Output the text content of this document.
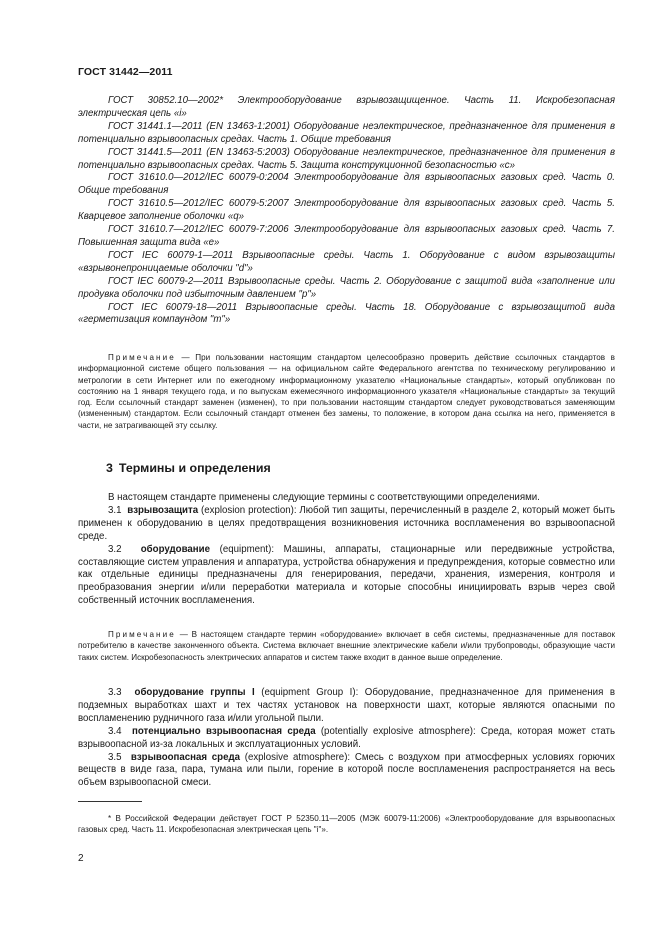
ГОСТ 31442—2011

ГОСТ 30852.10—2002* Электрооборудование взрывозащищенное. Часть 11. Искробезопасная электрическая цепь «i»

ГОСТ 31441.1—2011 (EN 13463-1:2001) Оборудование неэлектрическое, предназначенное для применения в потенциально взрывоопасных средах. Часть 1. Общие требования

ГОСТ 31441.5—2011 (EN 13463-5:2003) Оборудование неэлектрическое, предназначенное для применения в потенциально взрывоопасных средах. Часть 5. Защита конструкционной безопасностью «с»

ГОСТ 31610.0—2012/IEC 60079-0:2004 Электрооборудование для взрывоопасных газовых сред. Часть 0. Общие требования

ГОСТ 31610.5—2012/IEC 60079-5:2007 Электрооборудование для взрывоопасных газовых сред. Часть 5. Кварцевое заполнение оболочки «q»

ГОСТ 31610.7—2012/IEC 60079-7:2006 Электрооборудование для взрывоопасных газовых сред. Часть 7. Повышенная защита вида «е»

ГОСТ IEC 60079-1—2011 Взрывоопасные среды. Часть 1. Оборудование с видом взрывозащиты «взрывонепроницаемые оболочки "d"»

ГОСТ IEC 60079-2—2011 Взрывоопасные среды. Часть 2. Оборудование с защитой вида «заполнение или продувка оболочки под избыточным давлением "р"»

ГОСТ IEC 60079-18—2011 Взрывоопасные среды. Часть 18. Оборудование с взрывозащитой вида «герметизация компаундом "m"»

Примечание — При пользовании настоящим стандартом целесообразно проверить действие ссылочных стандартов в информационной системе общего пользования — на официальном сайте Федерального агентства по техническому регулированию и метрологии в сети Интернет или по ежегодному информационному указателю «Национальные стандарты», который опубликован по состоянию на 1 января текущего года, и по выпускам ежемесячного информационного указателя «Национальные стандарты» за текущий год. Если ссылочный стандарт заменен (изменен), то при пользовании настоящим стандартом следует руководствоваться заменяющим (измененным) стандартом. Если ссылочный стандарт отменен без замены, то положение, в котором дана ссылка на него, применяется в части, не затрагивающей эту ссылку.

3 Термины и определения

В настоящем стандарте применены следующие термины с соответствующими определениями.

3.1 взрывозащита (explosion protection): Любой тип защиты, перечисленный в разделе 2, который может быть применен к оборудованию в целях предотвращения возникновения источника воспламенения во взрывоопасной среде.

3.2 оборудование (equipment): Машины, аппараты, стационарные или передвижные устройства, составляющие систем управления и аппаратура, устройства обнаружения и предупреждения, которые совместно или как отдельные единицы предназначены для генерирования, передачи, хранения, измерения, контроля и преобразования энергии и/или переработки материала и которые способны инициировать взрыв через свой собственный источник воспламенения.

Примечание — В настоящем стандарте термин «оборудование» включает в себя системы, предназначенные для поставок потребителю в качестве законченного объекта. Система включает внешние электрические кабели и/или трубопроводы, образующие части таких систем. Искробезопасность электрических аппаратов и систем также входит в данное выше определение.

3.3 оборудование группы I (equipment Group I): Оборудование, предназначенное для применения в подземных выработках шахт и тех частях установок на поверхности шахт, которые являются опасными по воспламенению рудничного газа и/или угольной пыли.

3.4 потенциально взрывоопасная среда (potentially explosive atmosphere): Среда, которая может стать взрывоопасной из-за локальных и эксплуатационных условий.

3.5 взрывоопасная среда (explosive atmosphere): Смесь с воздухом при атмосферных условиях горючих веществ в виде газа, пара, тумана или пыли, горение в которой после воспламенения распространяется на весь объем взрывоопасной смеси.

* В Российской Федерации действует ГОСТ Р 52350.11—2005 (МЭК 60079-11:2006) «Электрооборудование для взрывоопасных газовых сред. Часть 11. Искробезопасная электрическая цепь "i"».

2
